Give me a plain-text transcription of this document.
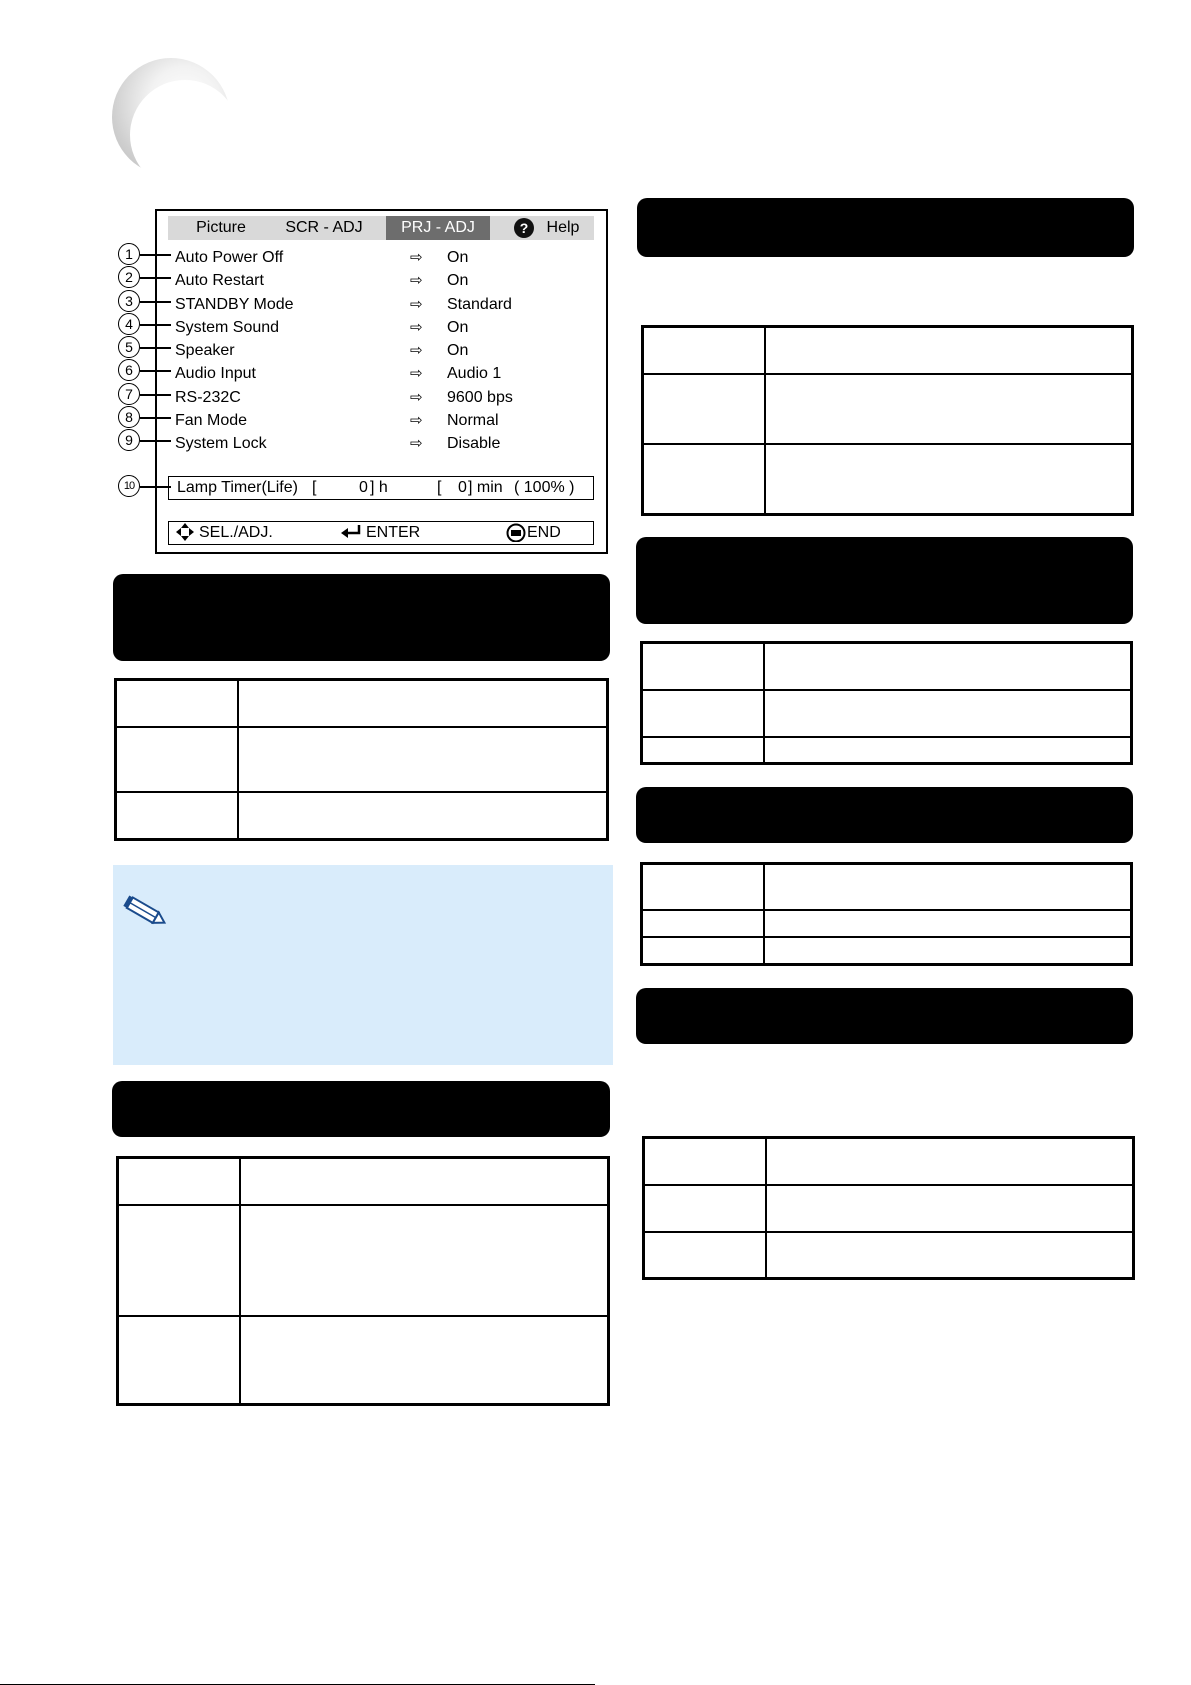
Picture	SCR - ADJ	PRJ - ADJ	?	Help
Auto Power Off	⇨ On
Auto Restart	⇨ On
STANDBY Mode	⇨ Standard
System Sound	⇨ On
Speaker	⇨ On
Audio Input	⇨ Audio 1
RS-232C	⇨ 9600 bps
Fan Mode	⇨ Normal
System Lock	⇨ Disable
Lamp Timer(Life) [	0 ] h	[ 0 ] min ( 100% )
SEL./ADJ.	ENTER	END
1
2
3
4
5
6
7
8
9
10
